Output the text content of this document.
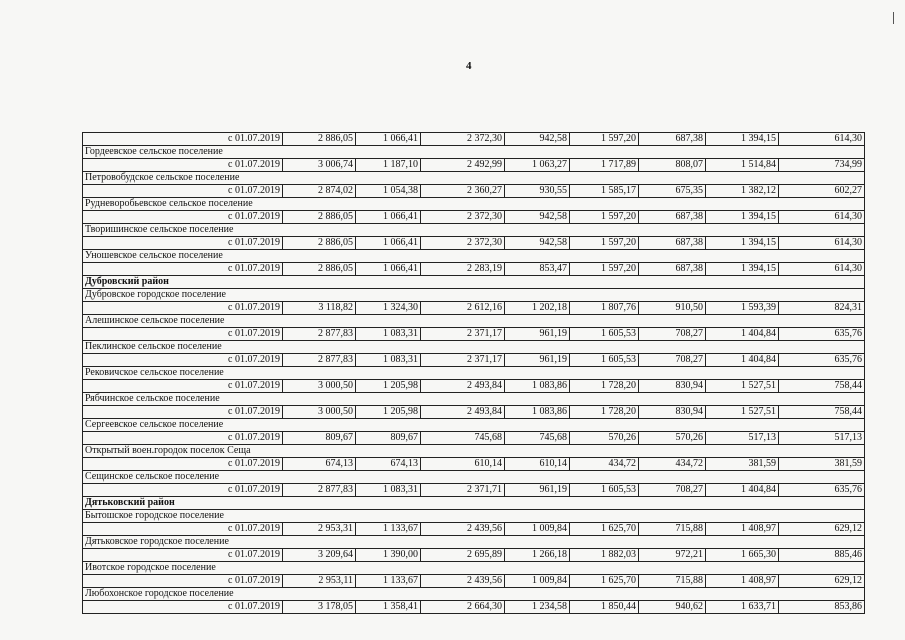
4
с 01.07.2019	2 886,05	1 066,41	2 372,30	942,58	1 597,20	687,38	1 394,15	614,30
Гордеевское сельское поселение								
с 01.07.2019	3 006,74	1 187,10	2 492,99	1 063,27	1 717,89	808,07	1 514,84	734,99
Петровобудское сельское поселение								
с 01.07.2019	2 874,02	1 054,38	2 360,27	930,55	1 585,17	675,35	1 382,12	602,27
Рудневоробьевское сельское поселение								
с 01.07.2019	2 886,05	1 066,41	2 372,30	942,58	1 597,20	687,38	1 394,15	614,30
Творишинское сельское поселение								
с 01.07.2019	2 886,05	1 066,41	2 372,30	942,58	1 597,20	687,38	1 394,15	614,30
Уношевское сельское поселение								
с 01.07.2019	2 886,05	1 066,41	2 283,19	853,47	1 597,20	687,38	1 394,15	614,30
Дубровский район								
Дубровское городское поселение								
с 01.07.2019	3 118,82	1 324,30	2 612,16	1 202,18	1 807,76	910,50	1 593,39	824,31
Алешинское сельское поселение								
с 01.07.2019	2 877,83	1 083,31	2 371,17	961,19	1 605,53	708,27	1 404,84	635,76
Пеклинское сельское поселение								
с 01.07.2019	2 877,83	1 083,31	2 371,17	961,19	1 605,53	708,27	1 404,84	635,76
Рековичское сельское поселение								
с 01.07.2019	3 000,50	1 205,98	2 493,84	1 083,86	1 728,20	830,94	1 527,51	758,44
Рябчинское сельское поселение								
с 01.07.2019	3 000,50	1 205,98	2 493,84	1 083,86	1 728,20	830,94	1 527,51	758,44
Сергеевское сельское поселение								
с 01.07.2019	809,67	809,67	745,68	745,68	570,26	570,26	517,13	517,13
Открытый воен.городок поселок Сеща								
с 01.07.2019	674,13	674,13	610,14	610,14	434,72	434,72	381,59	381,59
Сещинское сельское поселение								
с 01.07.2019	2 877,83	1 083,31	2 371,71	961,19	1 605,53	708,27	1 404,84	635,76
Дятьковский район								
Бытошское городское поселение								
с 01.07.2019	2 953,31	1 133,67	2 439,56	1 009,84	1 625,70	715,88	1 408,97	629,12
Дятьковское городское поселение								
с 01.07.2019	3 209,64	1 390,00	2 695,89	1 266,18	1 882,03	972,21	1 665,30	885,46
Ивотское городское поселение								
с 01.07.2019	2 953,11	1 133,67	2 439,56	1 009,84	1 625,70	715,88	1 408,97	629,12
Любохонское городское поселение								
с 01.07.2019	3 178,05	1 358,41	2 664,30	1 234,58	1 850,44	940,62	1 633,71	853,86
